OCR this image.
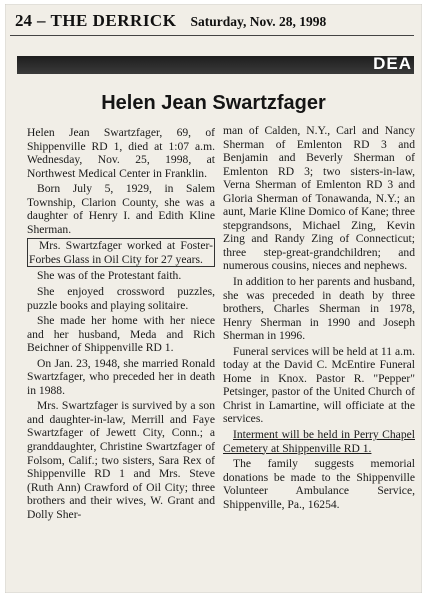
24 – THE DERRICK Saturday, Nov. 28, 1998
DEA
Helen Jean Swartzfager

Helen Jean Swartzfager, 69, of Shippenville RD 1, died at 1:07 a.m. Wednesday, Nov. 25, 1998, at Northwest Medical Center in Franklin.

Born July 5, 1929, in Salem Township, Clarion County, she was a daughter of Henry I. and Edith Kline Sherman.

Mrs. Swartzfager worked at Foster-Forbes Glass in Oil City for 27 years.

She was of the Protestant faith.

She enjoyed crossword puzzles, puzzle books and playing solitaire.

She made her home with her niece and her husband, Meda and Rich Beichner of Shippenville RD 1.

On Jan. 23, 1948, she married Ronald Swartzfager, who preceded her in death in 1988.

Mrs. Swartzfager is survived by a son and daughter-in-law, Merrill and Faye Swartzfager of Jewett City, Conn.; a granddaughter, Christine Swartzfager of Folsom, Calif.; two sisters, Sara Rex of Shippenville RD 1 and Mrs. Steve (Ruth Ann) Crawford of Oil City; three brothers and their wives, W. Grant and Dolly Sher-

man of Calden, N.Y., Carl and Nancy Sherman of Emlenton RD 3 and Benjamin and Beverly Sherman of Emlenton RD 3; two sisters-in-law, Verna Sherman of Emlenton RD 3 and Gloria Sherman of Tonawanda, N.Y.; an aunt, Marie Kline Domico of Kane; three stepgrandsons, Michael Zing, Kevin Zing and Randy Zing of Connecticut; three step-great-grandchildren; and numerous cousins, nieces and nephews.

In addition to her parents and husband, she was preceded in death by three brothers, Charles Sherman in 1978, Henry Sherman in 1990 and Joseph Sherman in 1996.

Funeral services will be held at 11 a.m. today at the David C. McEntire Funeral Home in Knox. Pastor R. "Pepper" Petsinger, pastor of the United Church of Christ in Lamartine, will officiate at the services.

Interment will be held in Perry Chapel Cemetery at Shippenville RD 1.

The family suggests memorial donations be made to the Shippenville Volunteer Ambulance Service, Shippenville, Pa., 16254.
